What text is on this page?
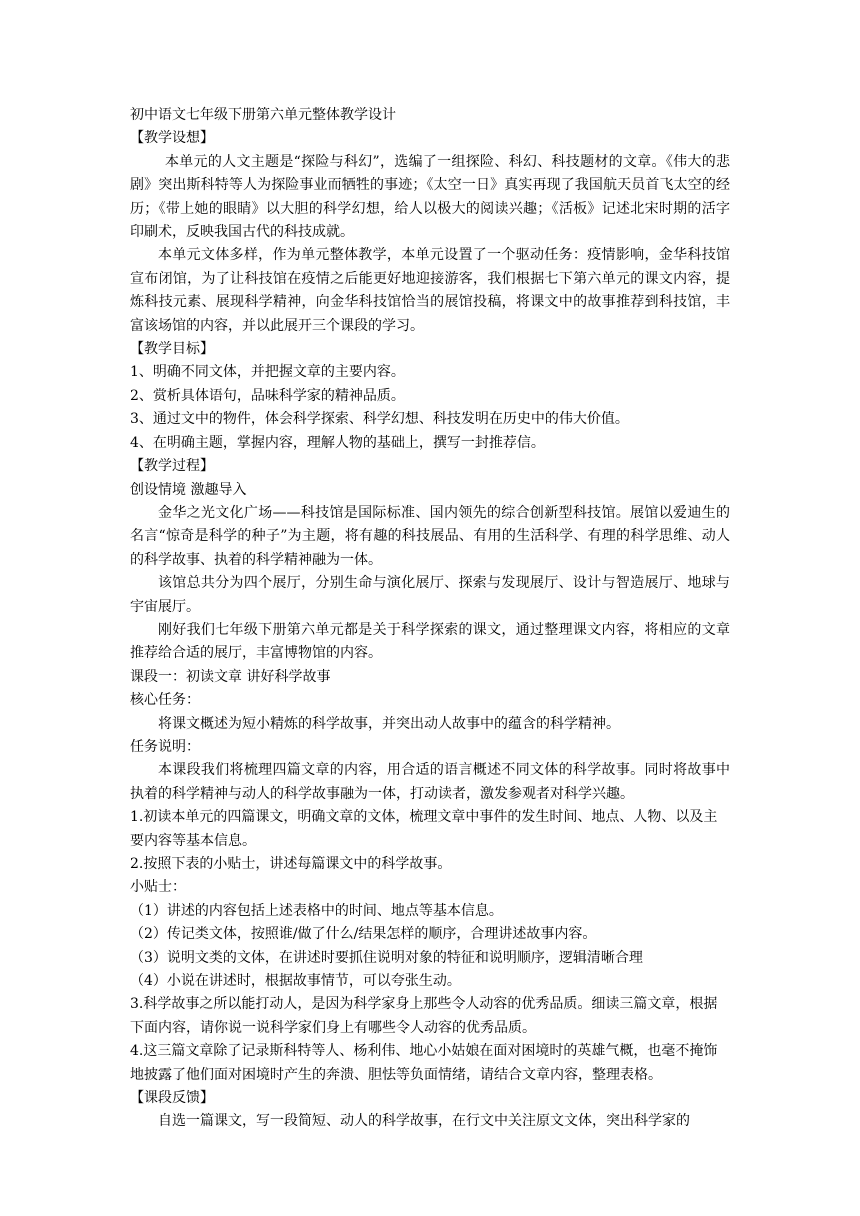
初中语文七年级下册第六单元整体教学设计

【教学设想】

本单元的人文主题是“探险与科幻”，选编了一组探险、科幻、科技题材的文章。《伟大的悲剧》突出斯科特等人为探险事业而牺牲的事迹；《太空一日》真实再现了我国航天员首飞太空的经历；《带上她的眼睛》以大胆的科学幻想，给人以极大的阅读兴趣；《活板》记述北宋时期的活字印刷术，反映我国古代的科技成就。

本单元文体多样，作为单元整体教学，本单元设置了一个驱动任务：疫情影响，金华科技馆宣布闭馆，为了让科技馆在疫情之后能更好地迎接游客，我们根据七下第六单元的课文内容，提炼科技元素、展现科学精神，向金华科技馆恰当的展馆投稿，将课文中的故事推荐到科技馆，丰富该场馆的内容，并以此展开三个课段的学习。

【教学目标】

1、明确不同文体，并把握文章的主要内容。

2、赏析具体语句，品味科学家的精神品质。

3、通过文中的物件，体会科学探索、科学幻想、科技发明在历史中的伟大价值。

4、在明确主题，掌握内容，理解人物的基础上，撰写一封推荐信。

【教学过程】

创设情境 激趣导入

金华之光文化广场——科技馆是国际标准、国内领先的综合创新型科技馆。展馆以爱迪生的名言“惊奇是科学的种子”为主题，将有趣的科技展品、有用的生活科学、有理的科学思维、动人的科学故事、执着的科学精神融为一体。

该馆总共分为四个展厅，分别生命与演化展厅、探索与发现展厅、设计与智造展厅、地球与宇宙展厅。

刚好我们七年级下册第六单元都是关于科学探索的课文，通过整理课文内容，将相应的文章推荐给合适的展厅，丰富博物馆的内容。

课段一：初读文章 讲好科学故事

核心任务：

将课文概述为短小精炼的科学故事，并突出动人故事中的蕴含的科学精神。

任务说明：

本课段我们将梳理四篇文章的内容，用合适的语言概述不同文体的科学故事。同时将故事中执着的科学精神与动人的科学故事融为一体，打动读者，激发参观者对科学兴趣。

1.初读本单元的四篇课文，明确文章的文体，梳理文章中事件的发生时间、地点、人物、以及主要内容等基本信息。

2.按照下表的小贴士，讲述每篇课文中的科学故事。

小贴士：

（1）讲述的内容包括上述表格中的时间、地点等基本信息。

（2）传记类文体，按照谁/做了什么/结果怎样的顺序，合理讲述故事内容。

（3）说明文类的文体，在讲述时要抓住说明对象的特征和说明顺序，逻辑清晰合理

（4）小说在讲述时，根据故事情节，可以夸张生动。

3.科学故事之所以能打动人，是因为科学家身上那些令人动容的优秀品质。细读三篇文章，根据下面内容，请你说一说科学家们身上有哪些令人动容的优秀品质。

4.这三篇文章除了记录斯科特等人、杨利伟、地心小姑娘在面对困境时的英雄气概，也毫不掩饰地披露了他们面对困境时产生的奔溃、胆怯等负面情绪，请结合文章内容，整理表格。

【课段反馈】

自选一篇课文，写一段简短、动人的科学故事，在行文中关注原文文体，突出科学家的
